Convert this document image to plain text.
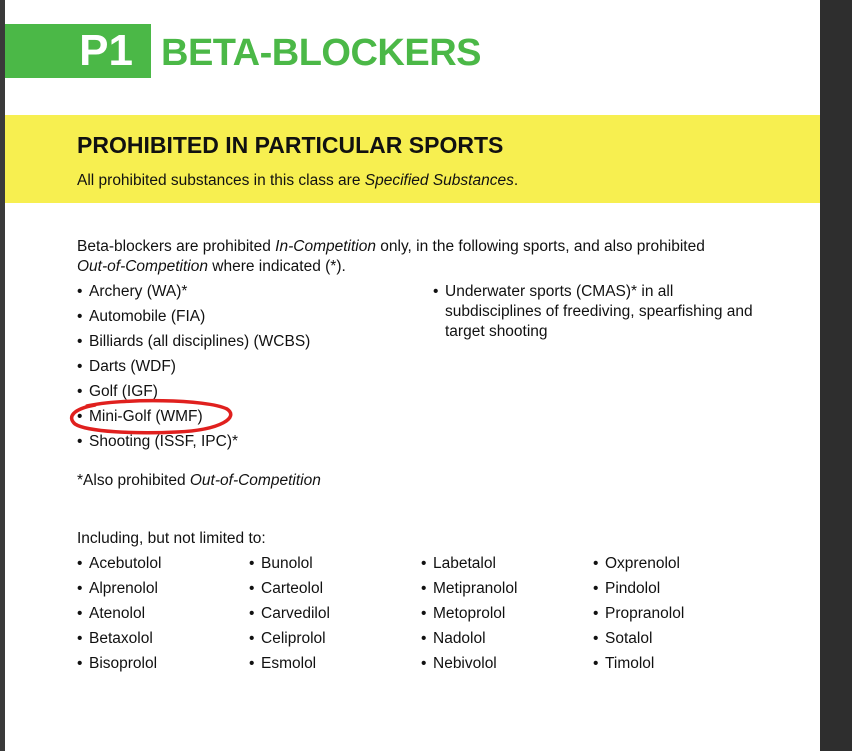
P1 BETA-BLOCKERS
PROHIBITED IN PARTICULAR SPORTS
All prohibited substances in this class are Specified Substances.
Beta-blockers are prohibited In-Competition only, in the following sports, and also prohibited Out-of-Competition where indicated (*).
• Archery (WA)*
• Automobile (FIA)
• Billiards (all disciplines) (WCBS)
• Darts (WDF)
• Golf (IGF)
• Mini-Golf (WMF)
• Shooting (ISSF, IPC)*
• Underwater sports (CMAS)* in all subdisciplines of freediving, spearfishing and target shooting
*Also prohibited Out-of-Competition
Including, but not limited to:
• Acebutolol
• Alprenolol
• Atenolol
• Betaxolol
• Bisoprolol
• Bunolol
• Carteolol
• Carvedilol
• Celiprolol
• Esmolol
• Labetalol
• Metipranolol
• Metoprolol
• Nadolol
• Nebivolol
• Oxprenolol
• Pindolol
• Propranolol
• Sotalol
• Timolol
